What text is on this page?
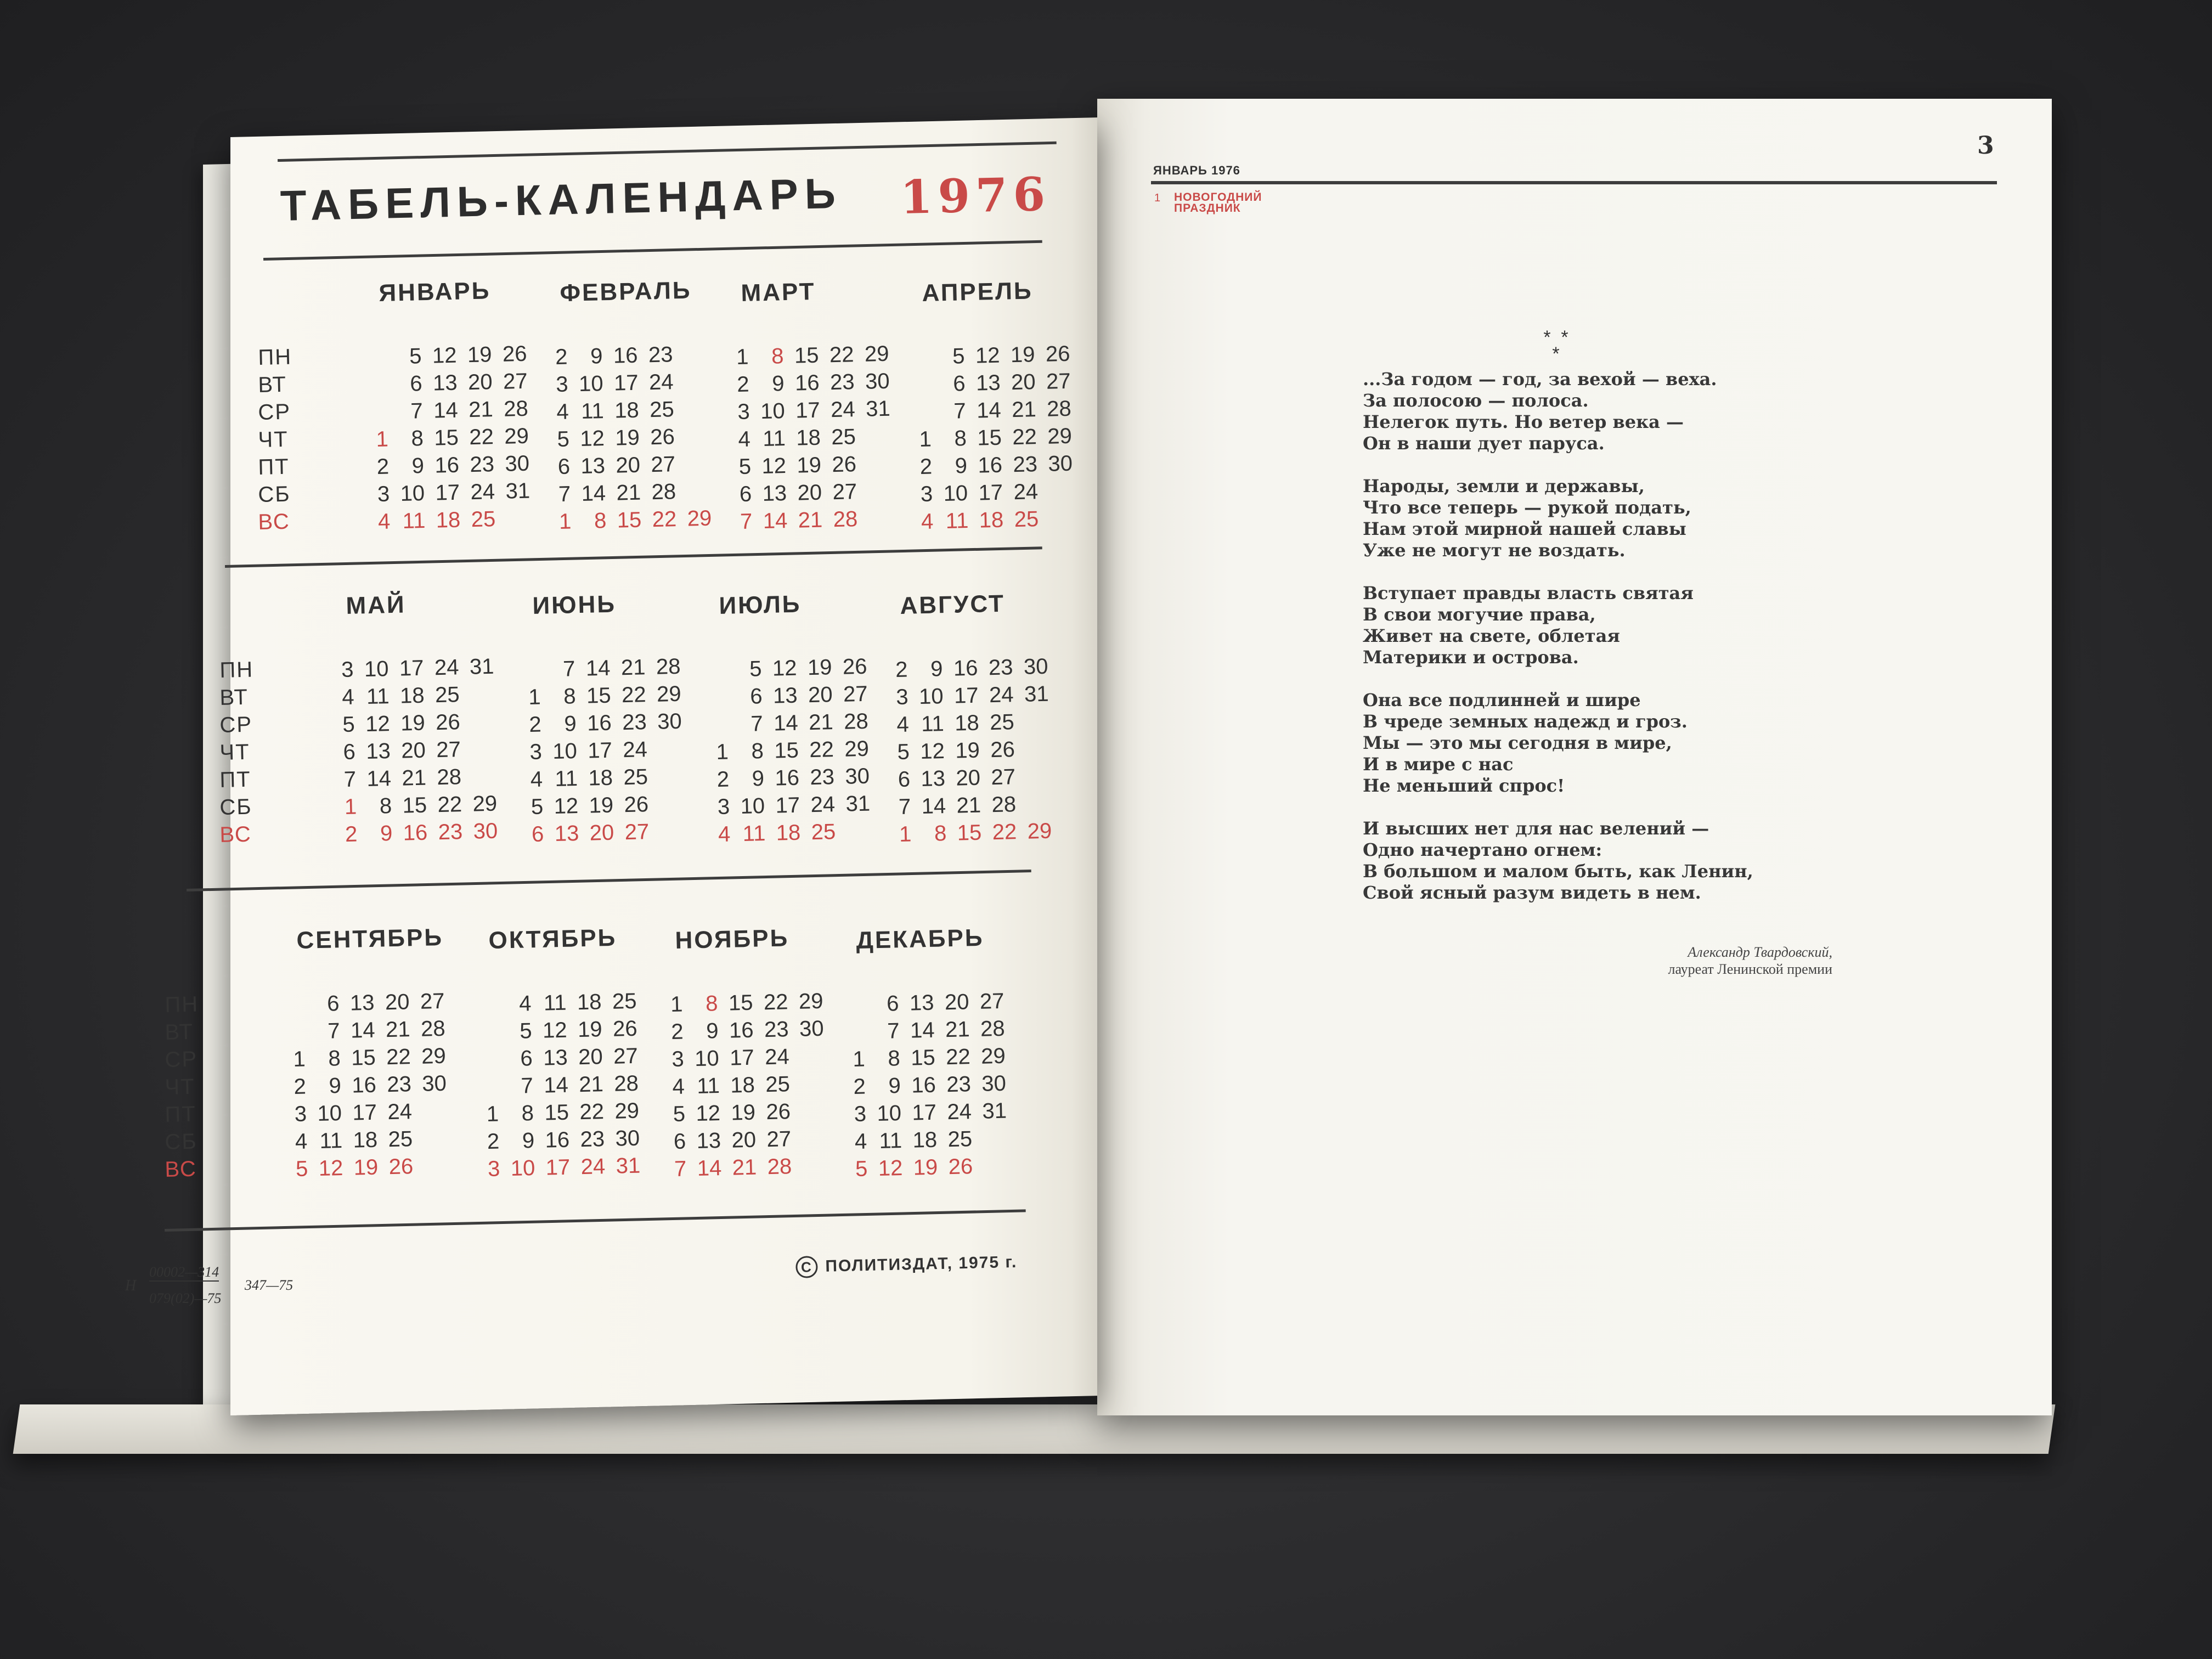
ТАБЕЛЬ-КАЛЕНДАРЬ 1976
ПН
ВТ
СР
ЧТ
ПТ
СБ
ВС
ЯНВАРЬ
5 12 19 26
6 13 20 27
7 14 21 28
1 8 15 22 29
2 9 16 23 30
3 10 17 24 31
4 11 18 25
ФЕВРАЛЬ
2 9 16 23
3 10 17 24
4 11 18 25
5 12 19 26
6 13 20 27
7 14 21 28
1 8 15 22 29
МАРТ
1 8 15 22 29
2 9 16 23 30
3 10 17 24 31
4 11 18 25
5 12 19 26
6 13 20 27
7 14 21 28
АПРЕЛЬ
5 12 19 26
6 13 20 27
7 14 21 28
1 8 15 22 29
2 9 16 23 30
3 10 17 24
4 11 18 25
ПН
ВТ
СР
ЧТ
ПТ
СБ
ВС
МАЙ
3 10 17 24 31
4 11 18 25
5 12 19 26
6 13 20 27
7 14 21 28
1 8 15 22 29
2 9 16 23 30
ИЮНЬ
7 14 21 28
1 8 15 22 29
2 9 16 23 30
3 10 17 24
4 11 18 25
5 12 19 26
6 13 20 27
ИЮЛЬ
5 12 19 26
6 13 20 27
7 14 21 28
1 8 15 22 29
2 9 16 23 30
3 10 17 24 31
4 11 18 25
АВГУСТ
2 9 16 23 30
3 10 17 24 31
4 11 18 25
5 12 19 26
6 13 20 27
7 14 21 28
1 8 15 22 29
ПН
ВТ
СР
ЧТ
ПТ
СБ
ВС
СЕНТЯБРЬ
6 13 20 27
7 14 21 28
1 8 15 22 29
2 9 16 23 30
3 10 17 24
4 11 18 25
5 12 19 26
ОКТЯБРЬ
4 11 18 25
5 12 19 26
6 13 20 27
7 14 21 28
1 8 15 22 29
2 9 16 23 30
3 10 17 24 31
НОЯБРЬ
1 8 15 22 29
2 9 16 23 30
3 10 17 24
4 11 18 25
5 12 19 26
6 13 20 27
7 14 21 28
ДЕКАБРЬ
6 13 20 27
7 14 21 28
1 8 15 22 29
2 9 16 23 30
3 10 17 24 31
4 11 18 25
5 12 19 26
Н
00002—314
079(02)—75
347—75
С ПОЛИТИЗДАТ, 1975 г.
3
ЯНВАРЬ 1976
1 НОВОГОДНИЙ
ПРАЗДНИК
*  *
*
...За годом — год, за вехой — веха.
За полосою — полоса.
Нелегок путь. Но ветер века —
Он в наши дует паруса.
Народы, земли и державы,
Что все теперь — рукой подать,
Нам этой мирной нашей славы
Уже не могут не воздать.
Вступает правды власть святая
В свои могучие права,
Живет на свете, облетая
Материки и острова.
Она все подлинней и шире
В чреде земных надежд и гроз.
Мы — это мы сегодня в мире,
И в мире с нас
Не меньший спрос!
И высших нет для нас велений —
Одно начертано огнем:
В большом и малом быть, как Ленин,
Свой ясный разум видеть в нем.
Александр Твардовский,
лауреат Ленинской премии
